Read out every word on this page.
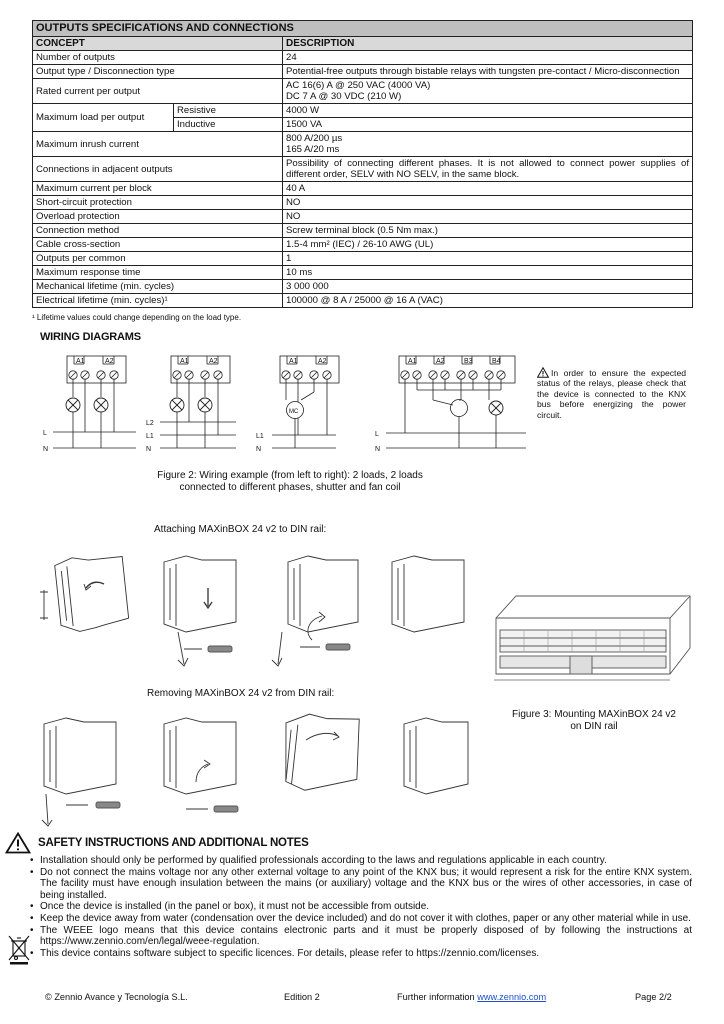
OUTPUTS SPECIFICATIONS AND CONNECTIONS		
CONCEPT		DESCRIPTION
Number of outputs		24
Output type / Disconnection type		Potential-free outputs through bistable relays with tungsten pre-contact / Micro-disconnection
Rated current per output		AC 16(6) A @ 250 VAC (4000 VA)
DC 7 A @ 30 VDC (210 W)

Maximum load per output	Resistive	4000 W
	Inductive	1500 VA
Maximum inrush current		800 A/200 µs
165 A/20 ms

Connections in adjacent outputs		Possibility of connecting different phases. It is not allowed to connect power supplies of different order, SELV with NO SELV, in the same block.
Maximum current per block		40 A
Short-circuit protection		NO
Overload protection		NO
Connection method		Screw terminal block (0.5 Nm max.)
Cable cross-section		1.5-4 mm² (IEC) / 26-10 AWG (UL)
Outputs per common		1
Maximum response time		10 ms
Mechanical lifetime (min. cycles)		3 000 000
Electrical lifetime (min. cycles)¹		100000 @ 8 A / 25000 @ 16 A (VAC)
¹ Lifetime values could change depending on the load type.
WIRING DIAGRAMS
A1	A2
L
N
A1	A2
L2
L1
N
A1	A2
MC
L1
N
A1	A2	B3	B4
L
N
In order to ensure the expected status of the relays, please check that the device is connected to the KNX bus before energizing the power circuit.
Figure 2: Wiring example (from left to right): 2 loads, 2 loads
connected to different phases, shutter and fan coil
Attaching MAXinBOX 24 v2 to DIN rail:
Removing MAXinBOX 24 v2 from DIN rail:
Figure 3: Mounting MAXinBOX 24 v2
on DIN rail
SAFETY INSTRUCTIONS AND ADDITIONAL NOTES
• Installation should only be performed by qualified professionals according to the laws and regulations applicable in each country.
• Do not connect the mains voltage nor any other external voltage to any point of the KNX bus; it would represent a risk for the entire KNX system. The facility must have enough insulation between the mains (or auxiliary) voltage and the KNX bus or the wires of other accessories, in case of being installed.
• Once the device is installed (in the panel or box), it must not be accessible from outside.
• Keep the device away from water (condensation over the device included) and do not cover it with clothes, paper or any other material while in use.
• The WEEE logo means that this device contains electronic parts and it must be properly disposed of by following the instructions at https://www.zennio.com/en/legal/weee-regulation.
• This device contains software subject to specific licences. For details, please refer to https://zennio.com/licenses.
© Zennio Avance y Tecnología S.L.	Edition 2	Further information www.zennio.com	Page 2/2
